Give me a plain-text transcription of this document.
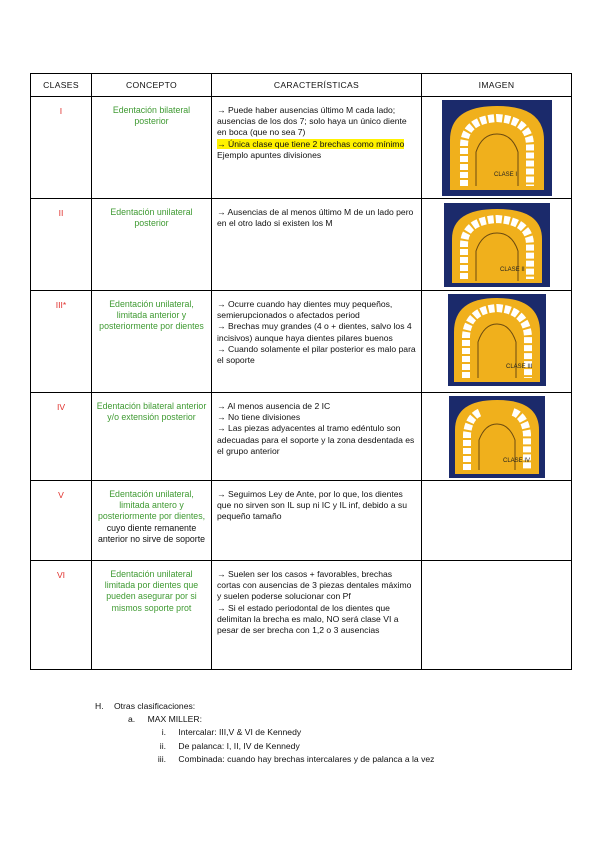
CLASES	CONCEPTO	CARACTERÍSTICAS	IMAGEN
I	Edentación bilateral posterior	→ Puede haber ausencias último M cada lado; ausencias de los dos 7; solo haya un único diente en boca (que no sea 7)
→ Única clase que tiene 2 brechas como mínimo
Ejemplo apuntes divisiones	CLASE I

II	Edentación unilateral posterior	→ Ausencias de al menos último M de un lado pero en el otro lado si existen los M	CLASE II

III*	Edentación unilateral, limitada anterior y posteriormente por dientes	→ Ocurre cuando hay dientes muy pequeños, semierupcionados o afectados period
→ Brechas muy grandes (4 o + dientes, salvo los 4 incisivos) aunque haya dientes pilares buenos
→ Cuando solamente el pilar posterior es malo para el soporte	CLASE III

IV	Edentación bilateral anterior y/o extensión posterior	→ Al menos ausencia de 2 IC
→ No tiene divisiones
→ Las piezas adyacentes al tramo edéntulo son adecuadas para el soporte y la zona desdentada es el grupo anterior	CLASE IV

V	Edentación unilateral, limitada antero y posteriormente por dientes, cuyo diente remanente anterior no sirve de soporte	→ Seguimos Ley de Ante, por lo que, los dientes que no sirven son IL sup ni IC y IL inf, debido a su pequeño tamaño	

VI	Edentación unilateral limitada por dientes que pueden asegurar por si mismos soporte prot	→ Suelen ser los casos + favorables, brechas cortas con ausencias de 3 piezas dentales máximo y suelen poderse solucionar con Pf
→ Si el estado periodontal de los dientes que delimitan la brecha es malo, NO será clase VI a pesar de ser brecha con 1,2 o 3 ausencias	

H. Otras clasificaciones:
a. MAX MILLER:
i. Intercalar: III,V & VI de Kennedy
ii. De palanca: I, II, IV de Kennedy
iii. Combinada: cuando hay brechas intercalares y de palanca a la vez
